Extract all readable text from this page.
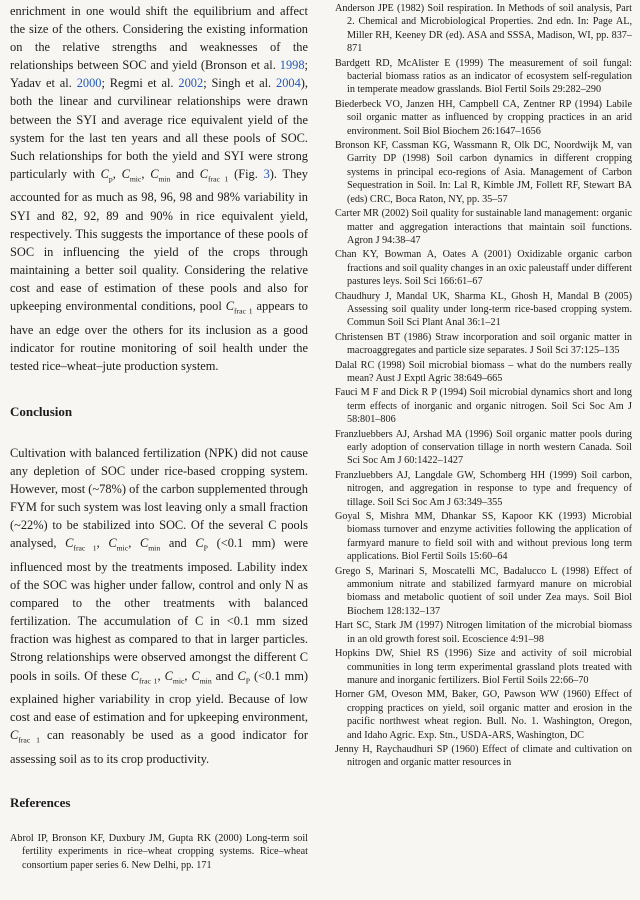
enrichment in one would shift the equilibrium and affect the size of the others. Considering the existing information on the relative strengths and weaknesses of the relationships between SOC and yield (Bronson et al. 1998; Yadav et al. 2000; Regmi et al. 2002; Singh et al. 2004), both the linear and curvilinear relationships were drawn between the SYI and average rice equivalent yield of the system for the last ten years and all these pools of SOC. Such relationships for both the yield and SYI were strong particularly with $C_p$, $C_{mic}$, $C_{min}$ and $C_{frac 1}$ (Fig. 3). They accounted for as much as 98, 96, 98 and 98% variability in SYI and 82, 92, 89 and 90% in rice equivalent yield, respectively. This suggests the importance of these pools of SOC in influencing the yield of the crops through maintaining a better soil quality. Considering the relative cost and ease of estimation of these pools and also for upkeeping environmental conditions, pool $C_{frac 1}$ appears to have an edge over the others for its inclusion as a good indicator for routine monitoring of soil health under the tested rice–wheat–jute production system.

Conclusion

Cultivation with balanced fertilization (NPK) did not cause any depletion of SOC under rice-based cropping system. However, most (~78%) of the carbon supplemented through FYM for such system was lost leaving only a small fraction (~22%) to be stabilized into SOC. Of the several C pools analysed, $C_{frac 1}$, $C_{mic}$, $C_{min}$ and $C_P$ (<0.1 mm) were influenced most by the treatments imposed. Lability index of the SOC was higher under fallow, control and only N as compared to the other treatments with balanced fertilization. The accumulation of C in <0.1 mm sized fraction was highest as compared to that in larger particles. Strong relationships were observed amongst the different C pools in soils. Of these $C_{frac 1}$, $C_{mic}$, $C_{min}$ and $C_P$ (<0.1 mm) explained higher variability in crop yield. Because of low cost and ease of estimation and for upkeeping environment, $C_{frac 1}$ can reasonably be used as a good indicator for assessing soil as to its crop productivity.

References

Abrol IP, Bronson KF, Duxbury JM, Gupta RK (2000) Long-term soil fertility experiments in rice–wheat cropping systems. Rice–wheat consortium paper series 6. New Delhi, pp. 171

Anderson JPE (1982) Soil respiration. In Methods of soil analysis, Part 2. Chemical and Microbiological Properties. 2nd edn. In: Page AL, Miller RH, Keeney DR (ed). ASA and SSSA, Madison, WI, pp. 837–871

Bardgett RD, McAlister E (1999) The measurement of soil fungal: bacterial biomass ratios as an indicator of ecosystem self-regulation in temperate meadow grasslands. Biol Fertil Soils 29:282–290

Biederbeck VO, Janzen HH, Campbell CA, Zentner RP (1994) Labile soil organic matter as influenced by cropping practices in an arid environment. Soil Biol Biochem 26:1647–1656

Bronson KF, Cassman KG, Wassmann R, Olk DC, Noordwijk M, van Garrity DP (1998) Soil carbon dynamics in different cropping systems in principal eco-regions of Asia. Management of Carbon Sequestration in Soil. In: Lal R, Kimble JM, Follett RF, Stewart BA (eds) CRC, Boca Raton, NY, pp. 35–57

Carter MR (2002) Soil quality for sustainable land management: organic matter and aggregation interactions that maintain soil functions. Agron J 94:38–47

Chan KY, Bowman A, Oates A (2001) Oxidizable organic carbon fractions and soil quality changes in an oxic paleustaff under different pastures leys. Soil Sci 166:61–67

Chaudhury J, Mandal UK, Sharma KL, Ghosh H, Mandal B (2005) Assessing soil quality under long-term rice-based cropping system. Commun Soil Sci Plant Anal 36:1–21

Christensen BT (1986) Straw incorporation and soil organic matter in macroaggregates and particle size separates. J Soil Sci 37:125–135

Dalal RC (1998) Soil microbial biomass – what do the numbers really mean? Aust J Exptl Agric 38:649–665

Fauci M F and Dick R P (1994) Soil microbial dynamics short and long term effects of inorganic and organic nitrogen. Soil Sci Soc Am J 58:801–806

Franzluebbers AJ, Arshad MA (1996) Soil organic matter pools during early adoption of conservation tillage in north western Canada. Soil Sci Soc Am J 60:1422–1427

Franzluebbers AJ, Langdale GW, Schomberg HH (1999) Soil carbon, nitrogen, and aggregation in response to type and frequency of tillage. Soil Sci Soc Am J 63:349–355

Goyal S, Mishra MM, Dhankar SS, Kapoor KK (1993) Microbial biomass turnover and enzyme activities following the application of farmyard manure to field soil with and without previous long term applications. Biol Fertil Soils 15:60–64

Grego S, Marinari S, Moscatelli MC, Badalucco L (1998) Effect of ammonium nitrate and stabilized farmyard manure on microbial biomass and metabolic quotient of soil under Zea mays. Soil Biol Biochem 128:132–137

Hart SC, Stark JM (1997) Nitrogen limitation of the microbial biomass in an old growth forest soil. Ecoscience 4:91–98

Hopkins DW, Shiel RS (1996) Size and activity of soil microbial communities in long term experimental grassland plots treated with manure and inorganic fertilizers. Biol Fertil Soils 22:66–70

Horner GM, Oveson MM, Baker, GO, Pawson WW (1960) Effect of cropping practices on yield, soil organic matter and erosion in the pacific northwest wheat region. Bull. No. 1. Washington, Oregon, and Idaho Agric. Exp. Stn., USDA-ARS, Washington, DC

Jenny H, Raychaudhuri SP (1960) Effect of climate and cultivation on nitrogen and organic matter resources in
